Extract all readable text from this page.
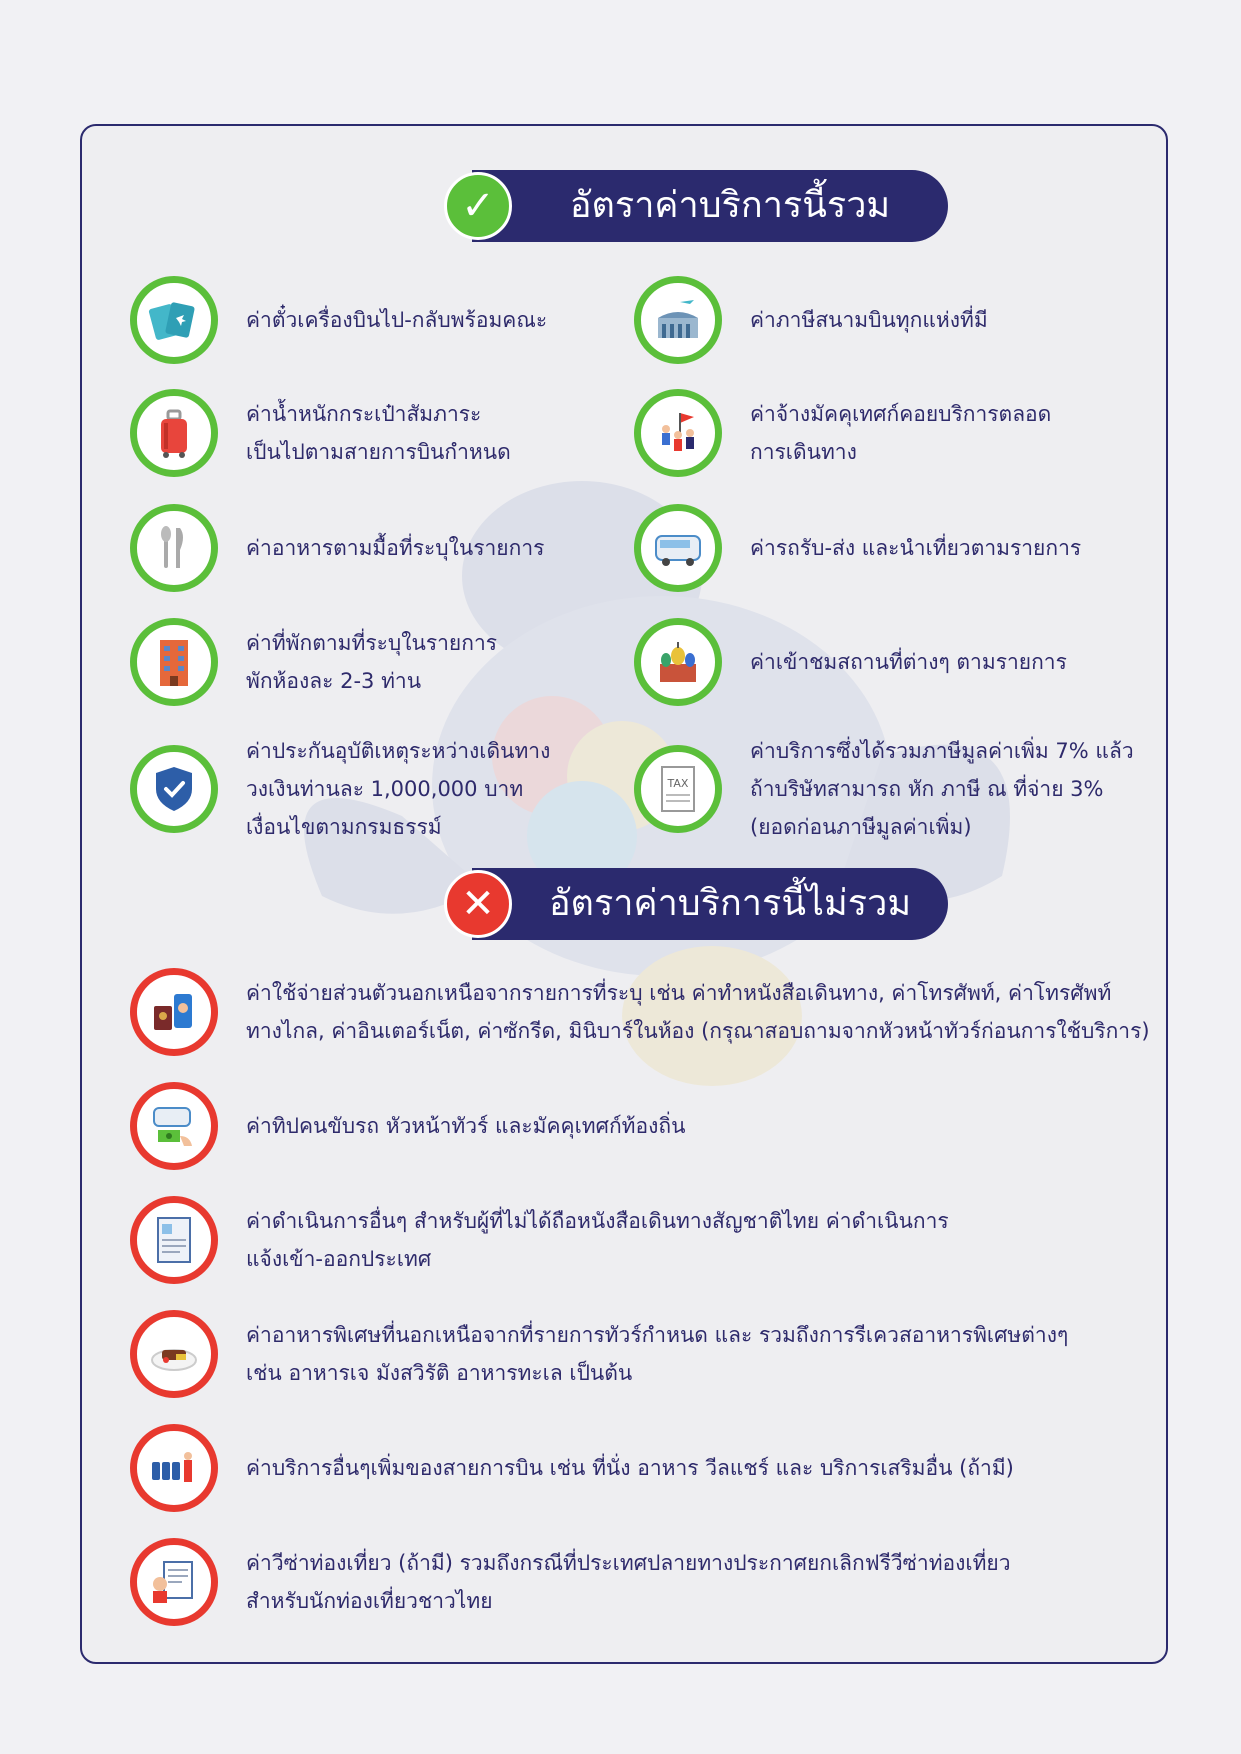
✓	อัตราค่าบริการนี้รวม
ค่าตั๋วเครื่องบินไป-กลับพร้อมคณะ
ค่าน้ำหนักกระเป๋าสัมภาระ
เป็นไปตามสายการบินกำหนด
ค่าอาหารตามมื้อที่ระบุในรายการ
ค่าที่พักตามที่ระบุในรายการ
พักห้องละ 2-3 ท่าน
ค่าประกันอุบัติเหตุระหว่างเดินทาง
วงเงินท่านละ 1,000,000 บาท
เงื่อนไขตามกรมธรรม์
ค่าภาษีสนามบินทุกแห่งที่มี
ค่าจ้างมัคคุเทศก์คอยบริการตลอด
การเดินทาง
ค่ารถรับ-ส่ง และนำเที่ยวตามรายการ
ค่าเข้าชมสถานที่ต่างๆ ตามรายการ
TAX
ค่าบริการซึ่งได้รวมภาษีมูลค่าเพิ่ม 7% แล้ว
ถ้าบริษัทสามารถ หัก ภาษี ณ ที่จ่าย 3%
(ยอดก่อนภาษีมูลค่าเพิ่ม)
✕	อัตราค่าบริการนี้ไม่รวม
ค่าใช้จ่ายส่วนตัวนอกเหนือจากรายการที่ระบุ เช่น ค่าทำหนังสือเดินทาง, ค่าโทรศัพท์, ค่าโทรศัพท์
ทางไกล, ค่าอินเตอร์เน็ต, ค่าซักรีด, มินิบาร์ในห้อง (กรุณาสอบถามจากหัวหน้าทัวร์ก่อนการใช้บริการ)
ค่าทิปคนขับรถ หัวหน้าทัวร์ และมัคคุเทศก์ท้องถิ่น
ค่าดำเนินการอื่นๆ สำหรับผู้ที่ไม่ได้ถือหนังสือเดินทางสัญชาติไทย ค่าดำเนินการ
แจ้งเข้า-ออกประเทศ
ค่าอาหารพิเศษที่นอกเหนือจากที่รายการทัวร์กำหนด และ รวมถึงการรีเควสอาหารพิเศษต่างๆ
เช่น อาหารเจ มังสวิรัติ อาหารทะเล เป็นต้น
ค่าบริการอื่นๆเพิ่มของสายการบิน เช่น ที่นั่ง อาหาร วีลแชร์ และ บริการเสริมอื่น (ถ้ามี)
ค่าวีซ่าท่องเที่ยว (ถ้ามี) รวมถึงกรณีที่ประเทศปลายทางประกาศยกเลิกฟรีวีซ่าท่องเที่ยว
สำหรับนักท่องเที่ยวชาวไทย
